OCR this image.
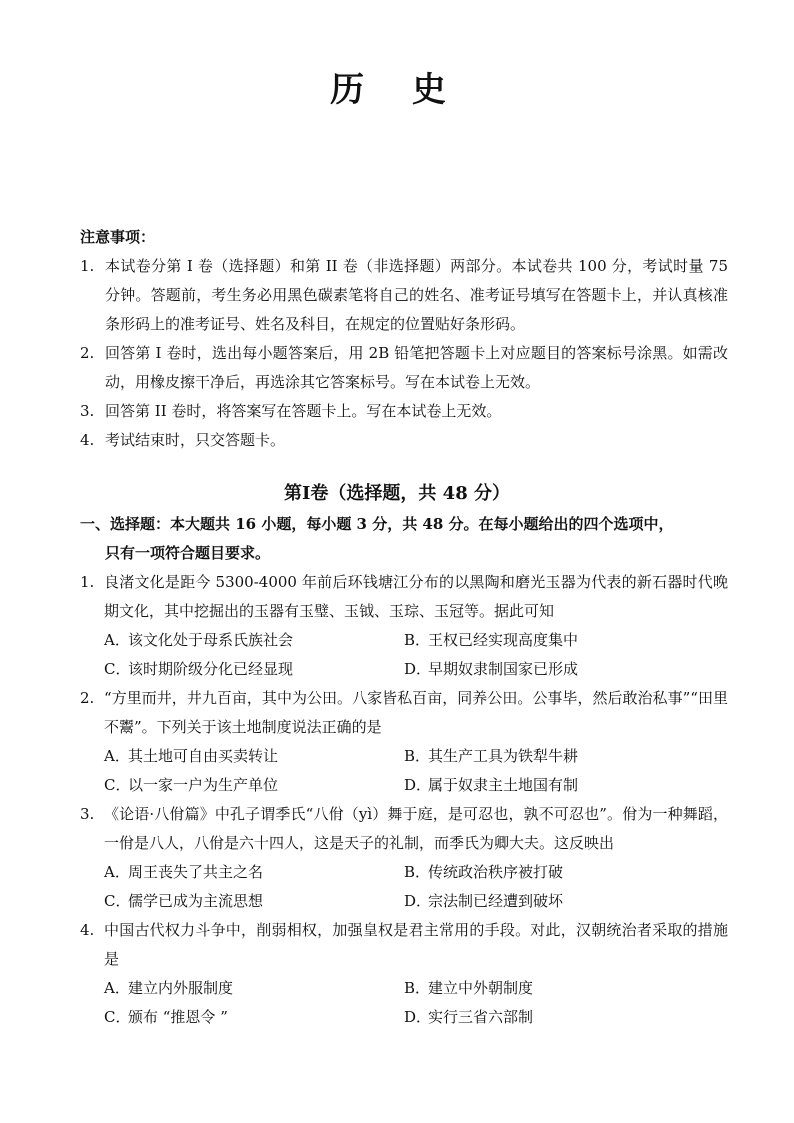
历 史
注意事项：
1. 本试卷分第 I 卷（选择题）和第 II 卷（非选择题）两部分。本试卷共 100 分，考试时量 75 分钟。答题前，考生务必用黑色碳素笔将自己的姓名、准考证号填写在答题卡上，并认真核准条形码上的准考证号、姓名及科目，在规定的位置贴好条形码。
2. 回答第 I 卷时，选出每小题答案后，用 2B 铅笔把答题卡上对应题目的答案标号涂黑。如需改动，用橡皮擦干净后，再选涂其它答案标号。写在本试卷上无效。
3. 回答第 II 卷时，将答案写在答题卡上。写在本试卷上无效。
4. 考试结束时，只交答题卡。
第I卷（选择题，共 48 分）
一、选择题：本大题共 16 小题，每小题 3 分，共 48 分。在每小题给出的四个选项中，
只有一项符合题目要求。
1. 良渚文化是距今 5300-4000 年前后环钱塘江分布的以黑陶和磨光玉器为代表的新石器时代晚期文化，其中挖掘出的玉器有玉璧、玉钺、玉琮、玉冠等。据此可知
A．该文化处于母系氏族社会	B．王权已经实现高度集中
C．该时期阶级分化已经显现	D．早期奴隶制国家已形成
2. “方里而井，井九百亩，其中为公田。八家皆私百亩，同养公田。公事毕，然后敢治私事”“田里不鬻”。下列关于该土地制度说法正确的是
A．其土地可自由买卖转让	B．其生产工具为铁犁牛耕
C．以一家一户为生产单位	D．属于奴隶主土地国有制
3. 《论语·八佾篇》中孔子谓季氏“八佾（yì）舞于庭，是可忍也，孰不可忍也”。佾为一种舞蹈，一佾是八人，八佾是六十四人，这是天子的礼制，而季氏为卿大夫。这反映出
A．周王丧失了共主之名	B．传统政治秩序被打破
C．儒学已成为主流思想	D．宗法制已经遭到破坏
4. 中国古代权力斗争中，削弱相权，加强皇权是君主常用的手段。对此，汉朝统治者采取的措施是
A．建立内外服制度	B．建立中外朝制度
C．颁布 “推恩令 ”	D．实行三省六部制
